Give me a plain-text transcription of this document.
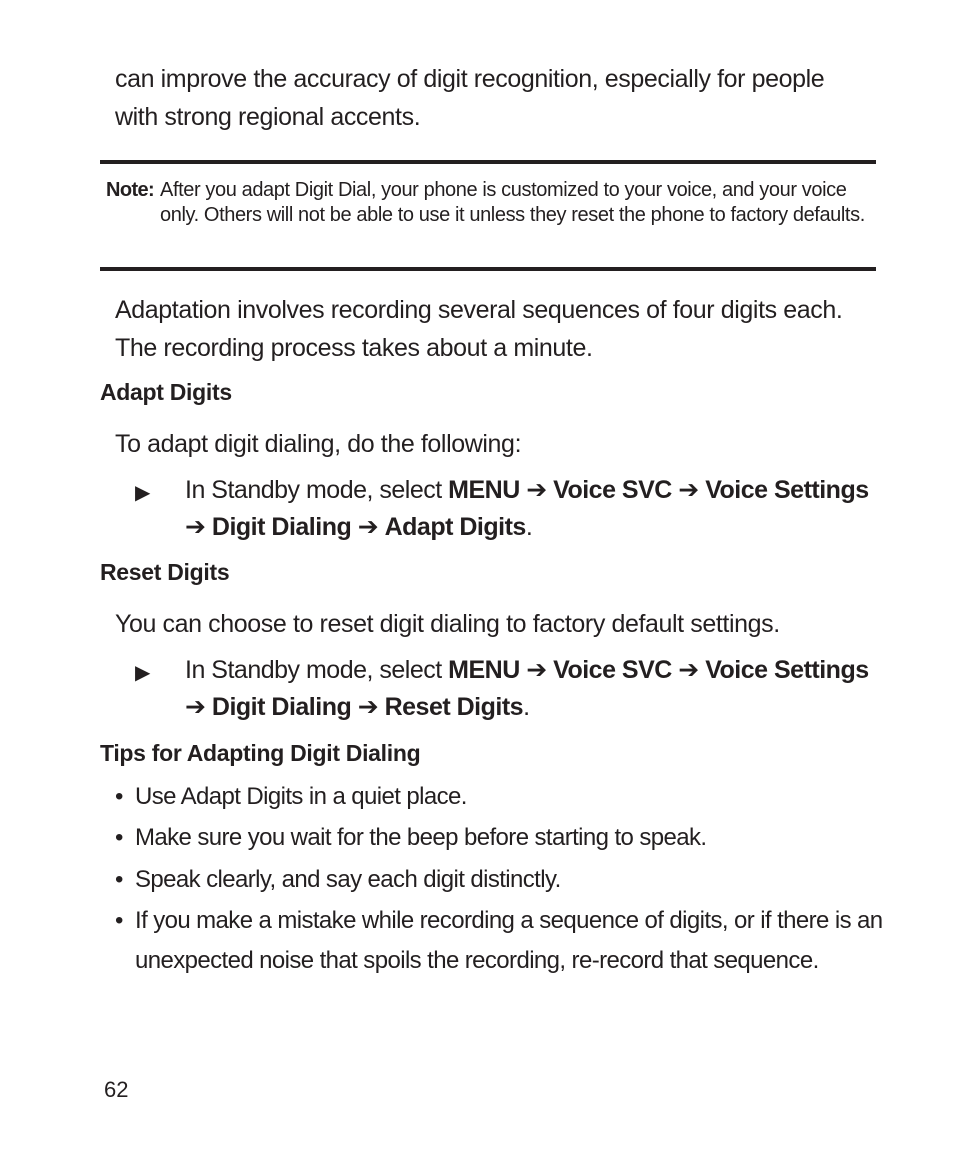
can improve the accuracy of digit recognition, especially for people
with strong regional accents.

Note: After you adapt Digit Dial, your phone is customized to your voice, and your voice only. Others will not be able to use it unless they reset the phone to factory defaults.

Adaptation involves recording several sequences of four digits each.
The recording process takes about a minute.

Adapt Digits

To adapt digit dialing, do the following:

▶ In Standby mode, select MENU ➔ Voice SVC ➔ Voice Settings
➔ Digit Dialing ➔ Adapt Digits.
Reset Digits

You can choose to reset digit dialing to factory default settings.

▶ In Standby mode, select MENU ➔ Voice SVC ➔ Voice Settings
➔ Digit Dialing ➔ Reset Digits.
Tips for Adapting Digit Dialing
• Use Adapt Digits in a quiet place.
• Make sure you wait for the beep before starting to speak.
• Speak clearly, and say each digit distinctly.
• If you make a mistake while recording a sequence of digits, or if there is an unexpected noise that spoils the recording, re-record that sequence.
62
